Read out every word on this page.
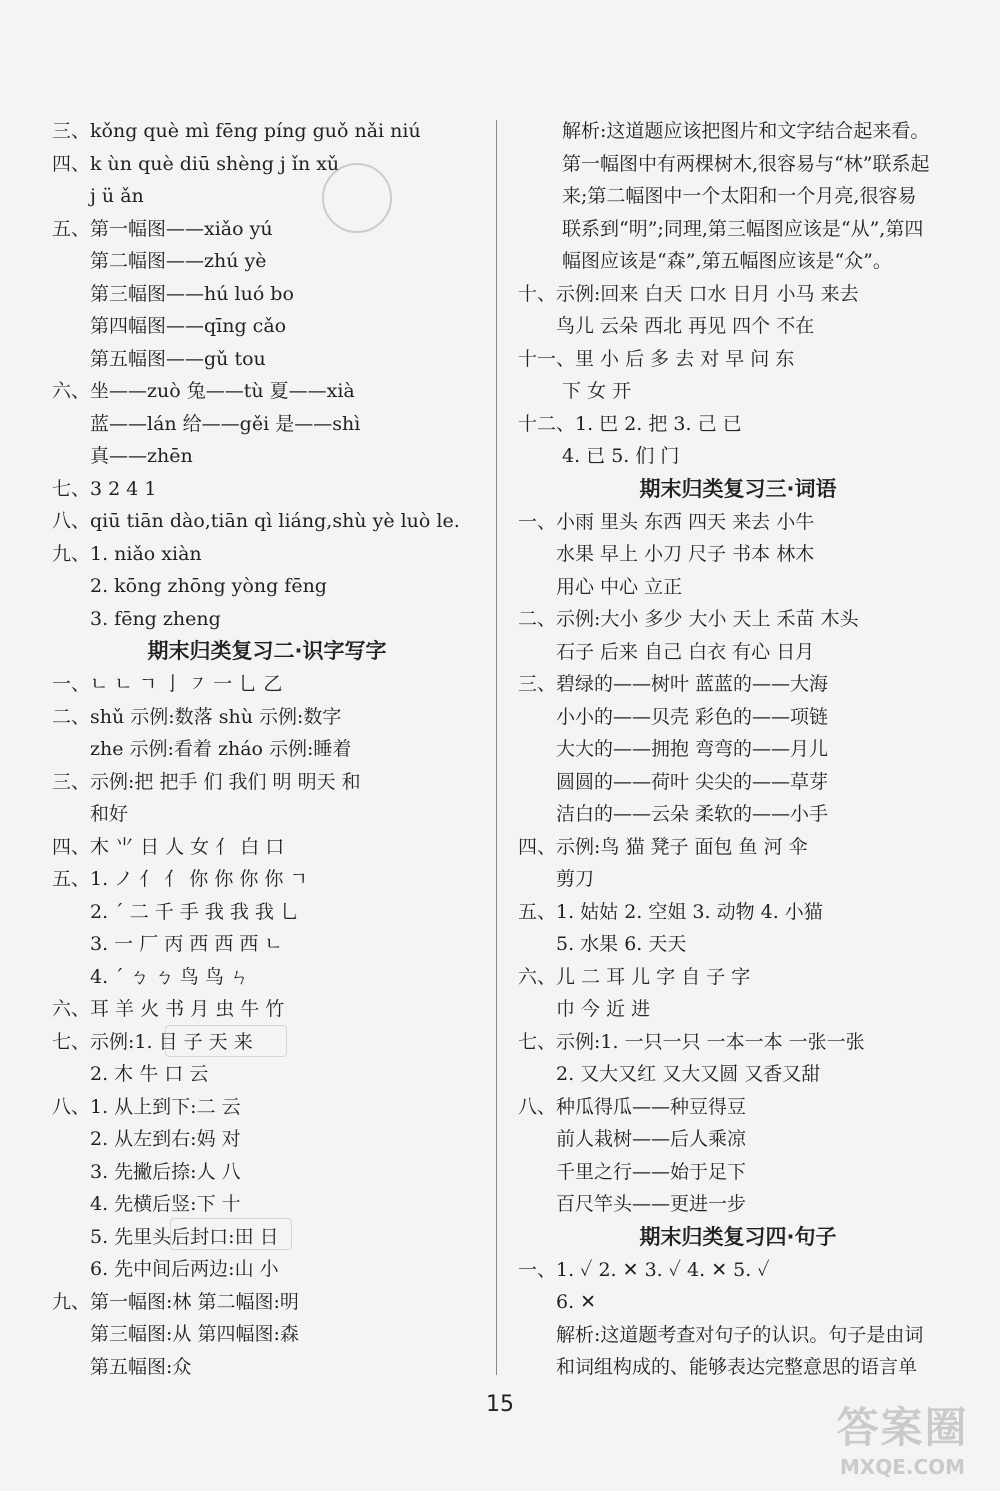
三、kǒng què mì fēng píng guǒ nǎi niú
四、k ùn què diū shèng j ǐn xǔ
j ü ǎn
五、第一幅图——xiǎo yú
第二幅图——zhú yè
第三幅图——hú luó bo
第四幅图——qīng cǎo
第五幅图——gǔ tou
六、坐——zuò 兔——tù 夏——xià
蓝——lán 给——gěi 是——shì
真——zhēn
七、3 2 4 1
八、qiū tiān dào,tiān qì liáng,shù yè luò le.
九、1. niǎo xiàn
2. kōng zhōng yòng fēng
3. fēng zheng
期末归类复习二·识字写字
一、ㄴ ㄴ ㄱ 亅 ㇇ 一 乚 乙
二、shǔ 示例:数落 shù 示例:数字
zhe 示例:看着 zháo 示例:睡着
三、示例:把 把手 们 我们 明 明天 和
和好
四、木 ⺌ 日 人 女 亻 白 口
五、1. ノ 亻 亻 你 你 你 你 ㄱ
2. ˊ 二 千 手 我 我 我 乚
3. 一 厂 丙 西 西 西 ㄴ
4. ˊ ㄅ ㄅ 鸟 鸟 ㄣ
六、耳 羊 火 书 月 虫 牛 竹
七、示例:1. 目 子 天 来
2. 木 牛 口 云
八、1. 从上到下:二 云
2. 从左到右:妈 对
3. 先撇后捺:人 八
4. 先横后竖:下 十
5. 先里头后封口:田 日
6. 先中间后两边:山 小
九、第一幅图:林 第二幅图:明
第三幅图:从 第四幅图:森
第五幅图:众
解析:这道题应该把图片和文字结合起来看。
第一幅图中有两棵树木,很容易与“林”联系起
来;第二幅图中一个太阳和一个月亮,很容易
联系到“明”;同理,第三幅图应该是“从”,第四
幅图应该是“森”,第五幅图应该是“众”。
十、示例:回来 白天 口水 日月 小马 来去
鸟儿 云朵 西北 再见 四个 不在
十一、里 小 后 多 去 对 早 问 东
下 女 开
十二、1. 巴 2. 把 3. 己 已
4. 已 5. 们 门
期末归类复习三·词语
一、小雨 里头 东西 四天 来去 小牛
水果 早上 小刀 尺子 书本 林木
用心 中心 立正
二、示例:大小 多少 大小 天上 禾苗 木头
石子 后来 自己 白衣 有心 日月
三、碧绿的——树叶 蓝蓝的——大海
小小的——贝壳 彩色的——项链
大大的——拥抱 弯弯的——月儿
圆圆的——荷叶 尖尖的——草芽
洁白的——云朵 柔软的——小手
四、示例:鸟 猫 凳子 面包 鱼 河 伞
剪刀
五、1. 姑姑 2. 空姐 3. 动物 4. 小猫
5. 水果 6. 天天
六、儿 二 耳 儿 字 自 子 字
巾 今 近 进
七、示例:1. 一只一只 一本一本 一张一张
2. 又大又红 又大又圆 又香又甜
八、种瓜得瓜——种豆得豆
前人栽树——后人乘凉
千里之行——始于足下
百尺竿头——更进一步
期末归类复习四·句子
一、1. ✓ 2. ✕ 3. ✓ 4. ✕ 5. ✓
6. ✕
解析:这道题考查对句子的认识。句子是由词
和词组构成的、能够表达完整意思的语言单
15	答案圈
MXQE.COM
